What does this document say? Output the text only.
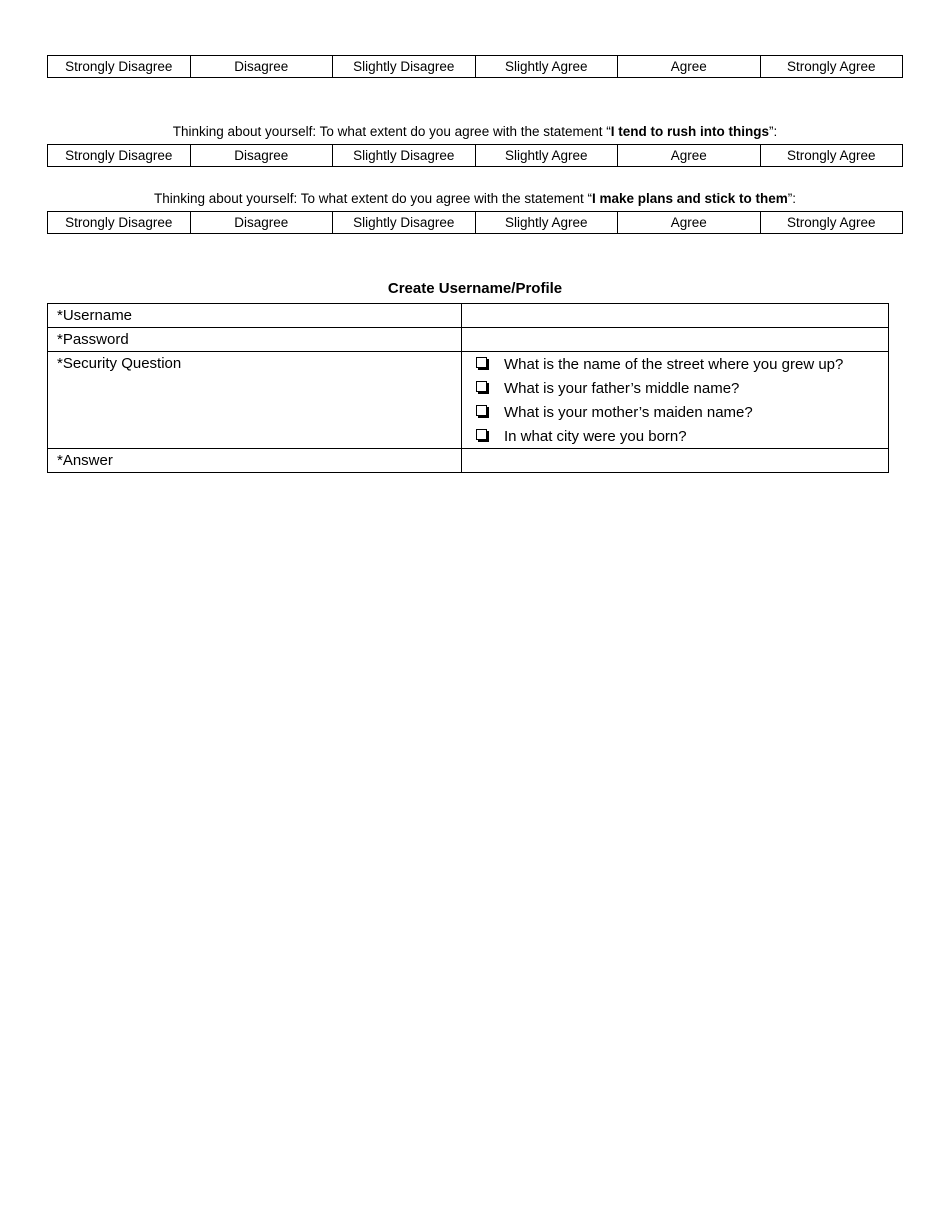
Strongly Disagree	Disagree	Slightly Disagree	Slightly Agree	Agree	Strongly Agree
Thinking about yourself: To what extent do you agree with the statement “I tend to rush into things”:
Strongly Disagree	Disagree	Slightly Disagree	Slightly Agree	Agree	Strongly Agree
Thinking about yourself: To what extent do you agree with the statement “I make plans and stick to them”:
Strongly Disagree	Disagree	Slightly Disagree	Slightly Agree	Agree	Strongly Agree
Create Username/Profile
*Username	
*Password	
*Security Question	What is the name of the street where you grew up?
What is your father’s middle name?
What is your mother’s maiden name?
In what city were you born?

*Answer	
